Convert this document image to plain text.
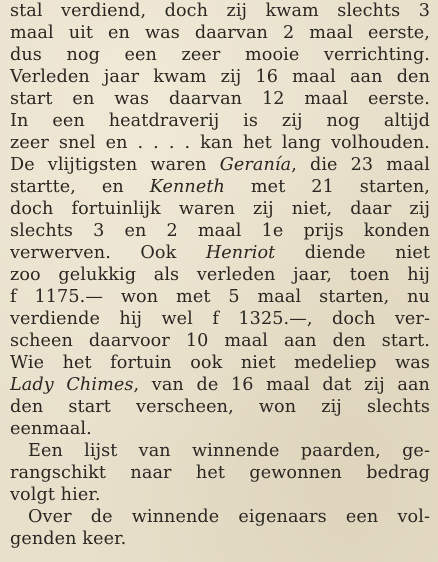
stal verdiend, doch zij kwam slechts 3
maal uit en was daarvan 2 maal eerste,
dus nog een zeer mooie verrichting.
Verleden jaar kwam zij 16 maal aan den
start en was daarvan 12 maal eerste.
In een heatdraverij is zij nog altijd
zeer snel en . . . . kan het lang volhouden.
De vlijtigsten waren Geranía, die 23 maal
startte, en Kenneth met 21 starten,
doch fortuinlijk waren zij niet, daar zij
slechts 3 en 2 maal 1e prijs konden
verwerven. Ook Henriot diende niet
zoo gelukkig als verleden jaar, toen hij
f 1175.— won met 5 maal starten, nu
verdiende hij wel f 1325.—, doch ver-
scheen daarvoor 10 maal aan den start.
Wie het fortuin ook niet medeliep was
Lady Chimes, van de 16 maal dat zij aan
den start verscheen, won zij slechts
eenmaal.
Een lijst van winnende paarden, ge-
rangschikt naar het gewonnen bedrag
volgt hier.
Over de winnende eigenaars een vol-
genden keer.
